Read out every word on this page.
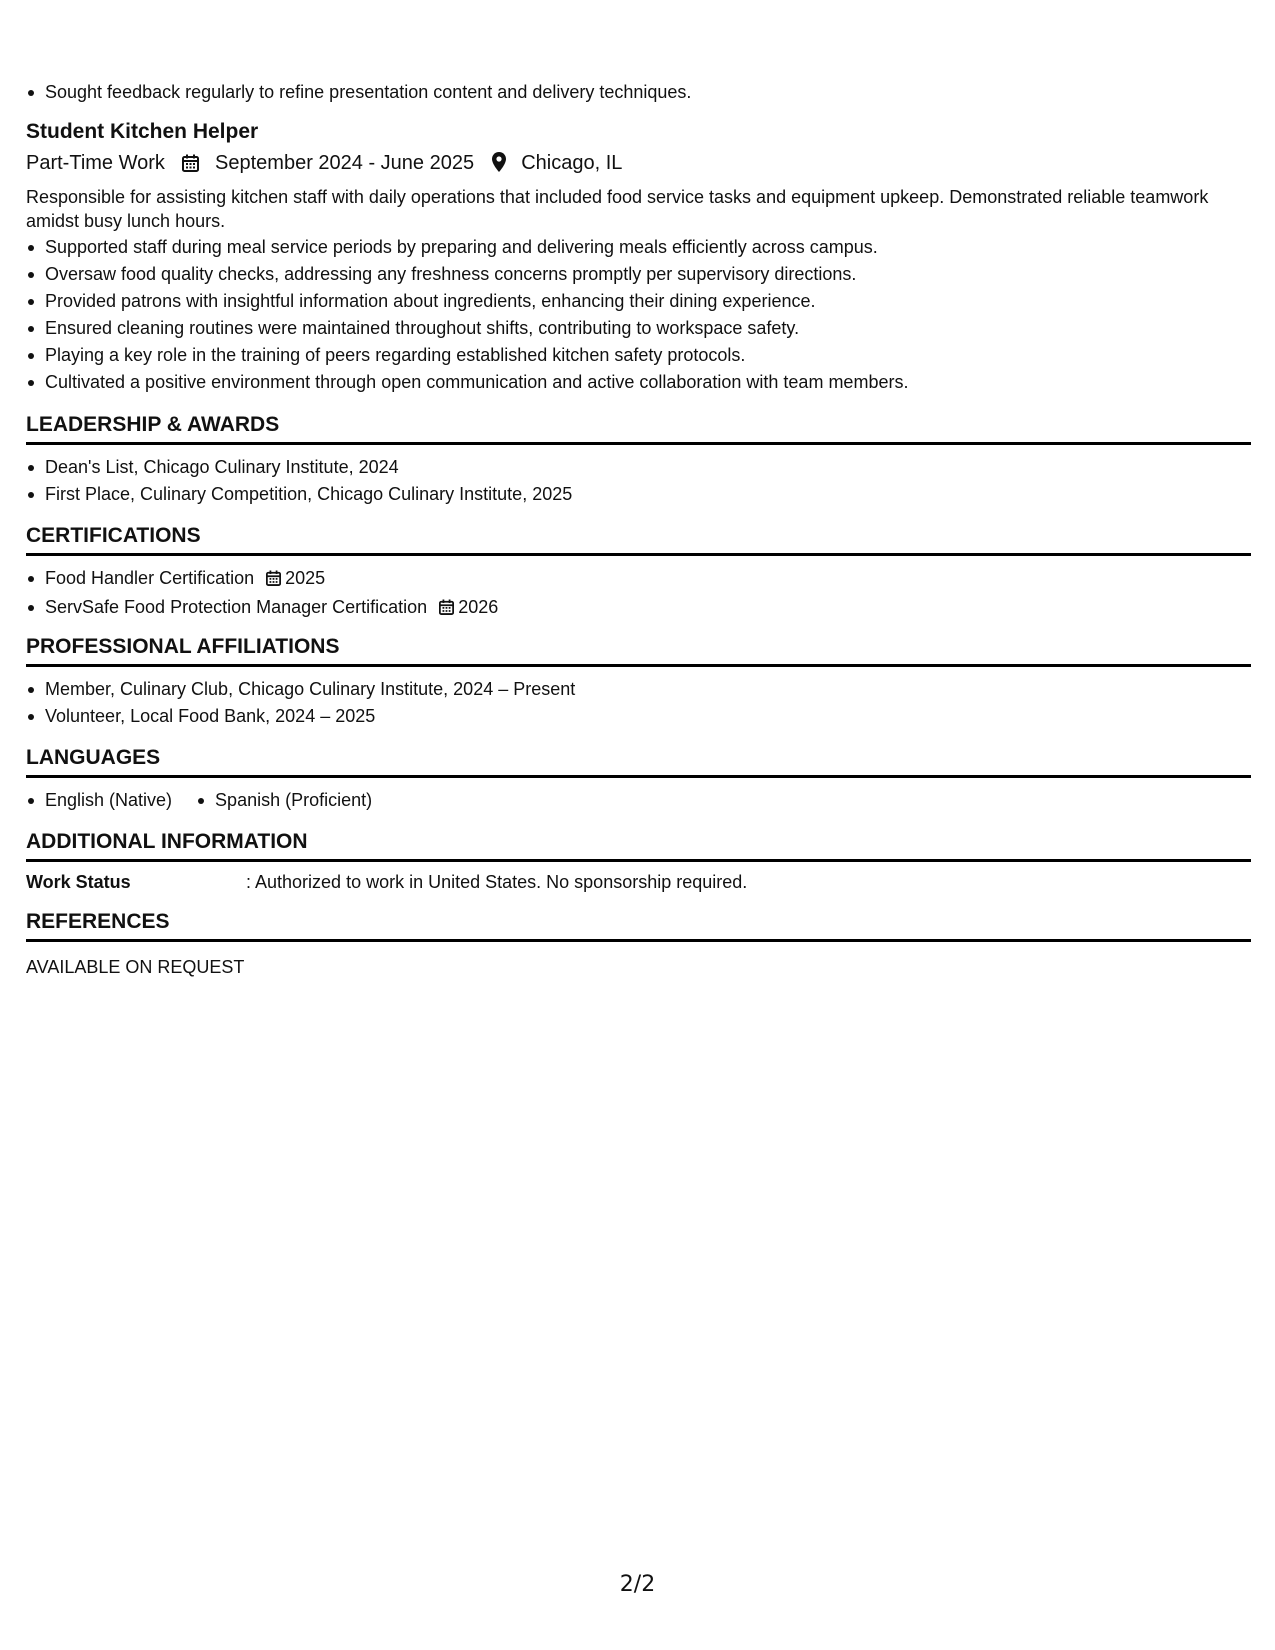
Sought feedback regularly to refine presentation content and delivery techniques.
Student Kitchen Helper
Part-Time Work	September 2024 - June 2025 Chicago, IL
Responsible for assisting kitchen staff with daily operations that included food service tasks and equipment upkeep. Demonstrated reliable teamwork amidst busy lunch hours.
Supported staff during meal service periods by preparing and delivering meals efficiently across campus.
Oversaw food quality checks, addressing any freshness concerns promptly per supervisory directions.
Provided patrons with insightful information about ingredients, enhancing their dining experience.
Ensured cleaning routines were maintained throughout shifts, contributing to workspace safety.
Playing a key role in the training of peers regarding established kitchen safety protocols.
Cultivated a positive environment through open communication and active collaboration with team members.
LEADERSHIP & AWARDS
Dean's List, Chicago Culinary Institute, 2024
First Place, Culinary Competition, Chicago Culinary Institute, 2025
CERTIFICATIONS
Food Handler Certification 2025
ServSafe Food Protection Manager Certification 2026
PROFESSIONAL AFFILIATIONS
Member, Culinary Club, Chicago Culinary Institute, 2024 – Present
Volunteer, Local Food Bank, 2024 – 2025
LANGUAGES
English (Native)	Spanish (Proficient)
ADDITIONAL INFORMATION
Work Status	: Authorized to work in United States. No sponsorship required.
REFERENCES
AVAILABLE ON REQUEST
2/2
